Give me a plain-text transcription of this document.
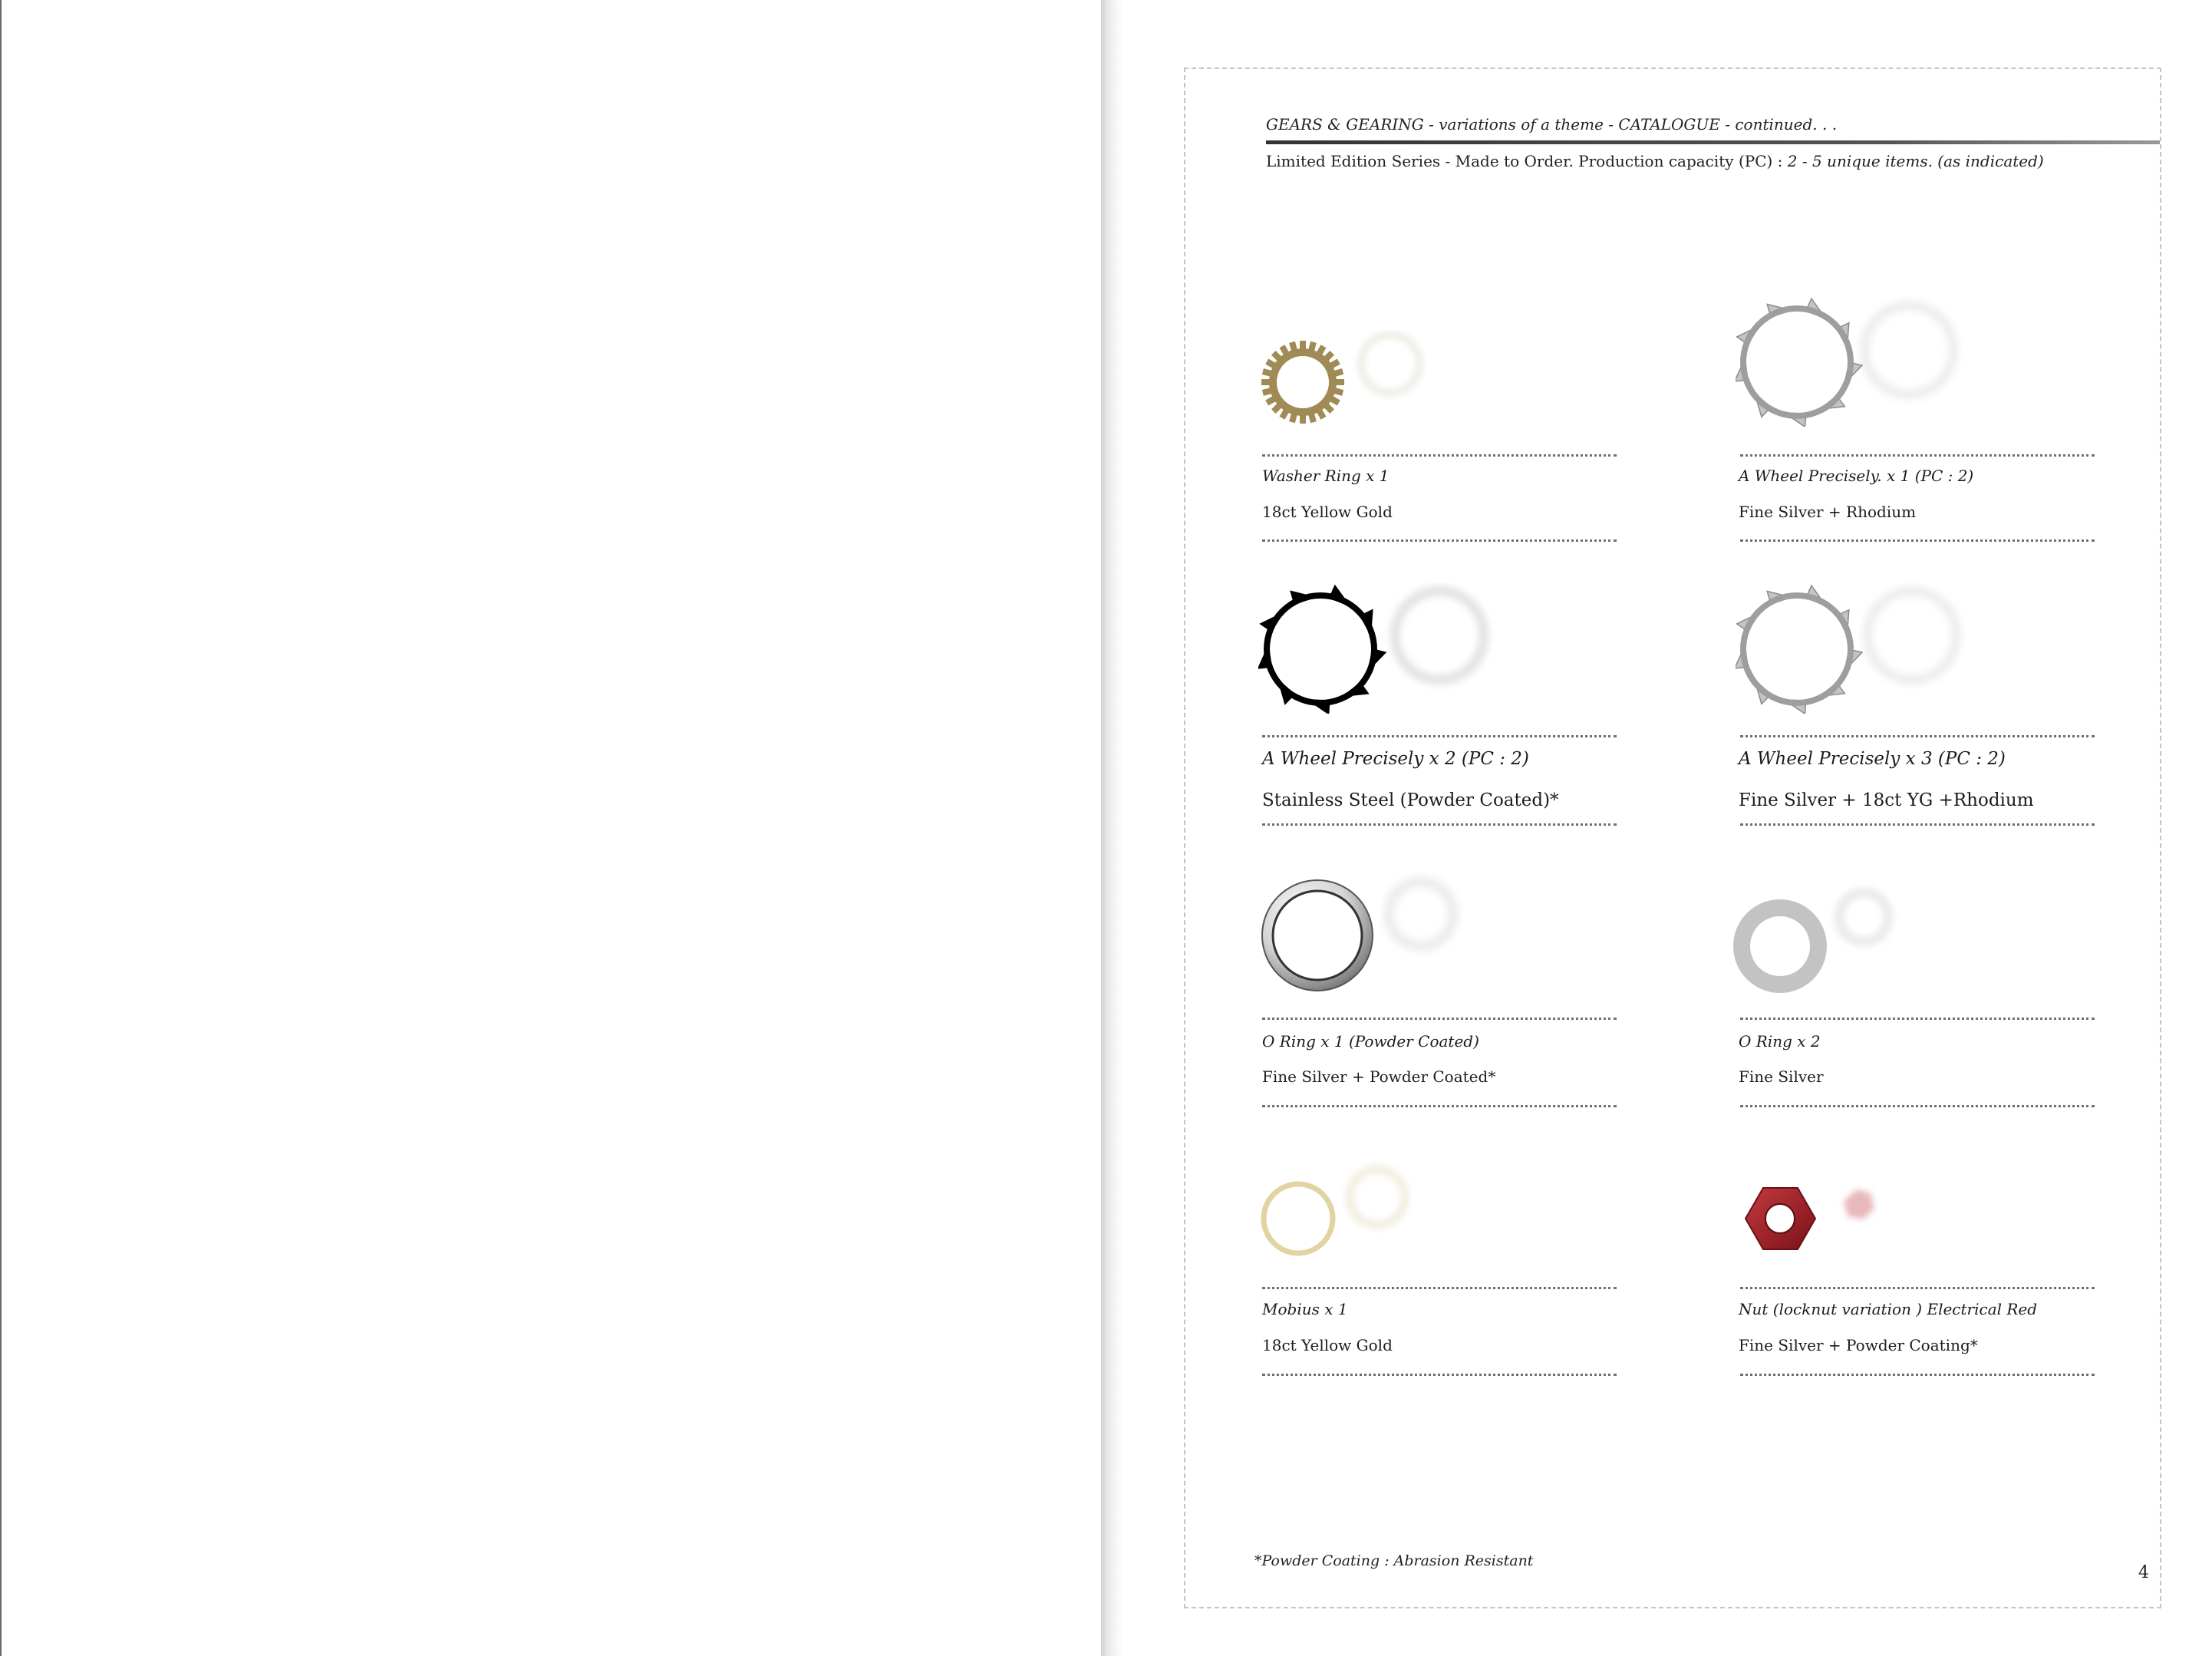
GEARS & GEARING - variations of a theme - CATALOGUE - continued. . .
Limited Edition Series - Made to Order. Production capacity (PC) : 2 - 5 unique items. (as indicated)
Washer Ring x 1
18ct Yellow Gold
A Wheel Precisely. x 1 (PC : 2)
Fine Silver + Rhodium
A Wheel Precisely x 2 (PC : 2)
Stainless Steel (Powder Coated)*
A Wheel Precisely x 3 (PC : 2)
Fine Silver + 18ct YG +Rhodium
O Ring x 1 (Powder Coated)
Fine Silver + Powder Coated*
O Ring x 2
Fine Silver
Mobius x 1
18ct Yellow Gold
Nut (locknut variation ) Electrical Red
Fine Silver + Powder Coating*
*Powder Coating : Abrasion Resistant
4
